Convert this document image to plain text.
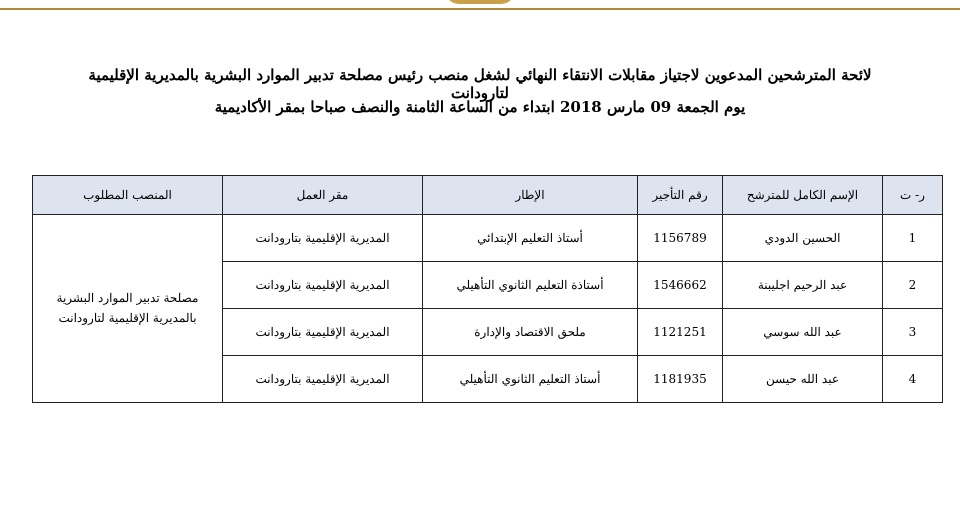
لائحة المترشحين المدعوين لاجتياز مقابلات الانتقاء النهائي لشغل منصب رئيس مصلحة تدبير الموارد البشرية بالمديرية الإقليمية لتارودانت
يوم الجمعة 09 مارس 2018 ابتداء من الساعة الثامنة والنصف صباحا بمقر الأكاديمية
ر- ت	الإسم الكامل للمترشح	رقم التأجير	الإطار	مقر العمل	المنصب المطلوب
1	الحسين الدودي	1156789	أستاذ التعليم الإبتدائي	المديرية الإقليمية بتارودانت	مصلحة تدبير الموارد البشرية بالمديرية الإقليمية لتارودانت
2	عبد الرحيم اجليبنة	1546662	أستاذة التعليم الثانوي التأهيلي	المديرية الإقليمية بتارودانت	
3	عبد الله سوسي	1121251	ملحق الاقتصاد والإدارة	المديرية الإقليمية بتارودانت	
4	عبد الله حيسن	1181935	أستاذ التعليم الثانوي التأهيلي	المديرية الإقليمية بتارودانت	
